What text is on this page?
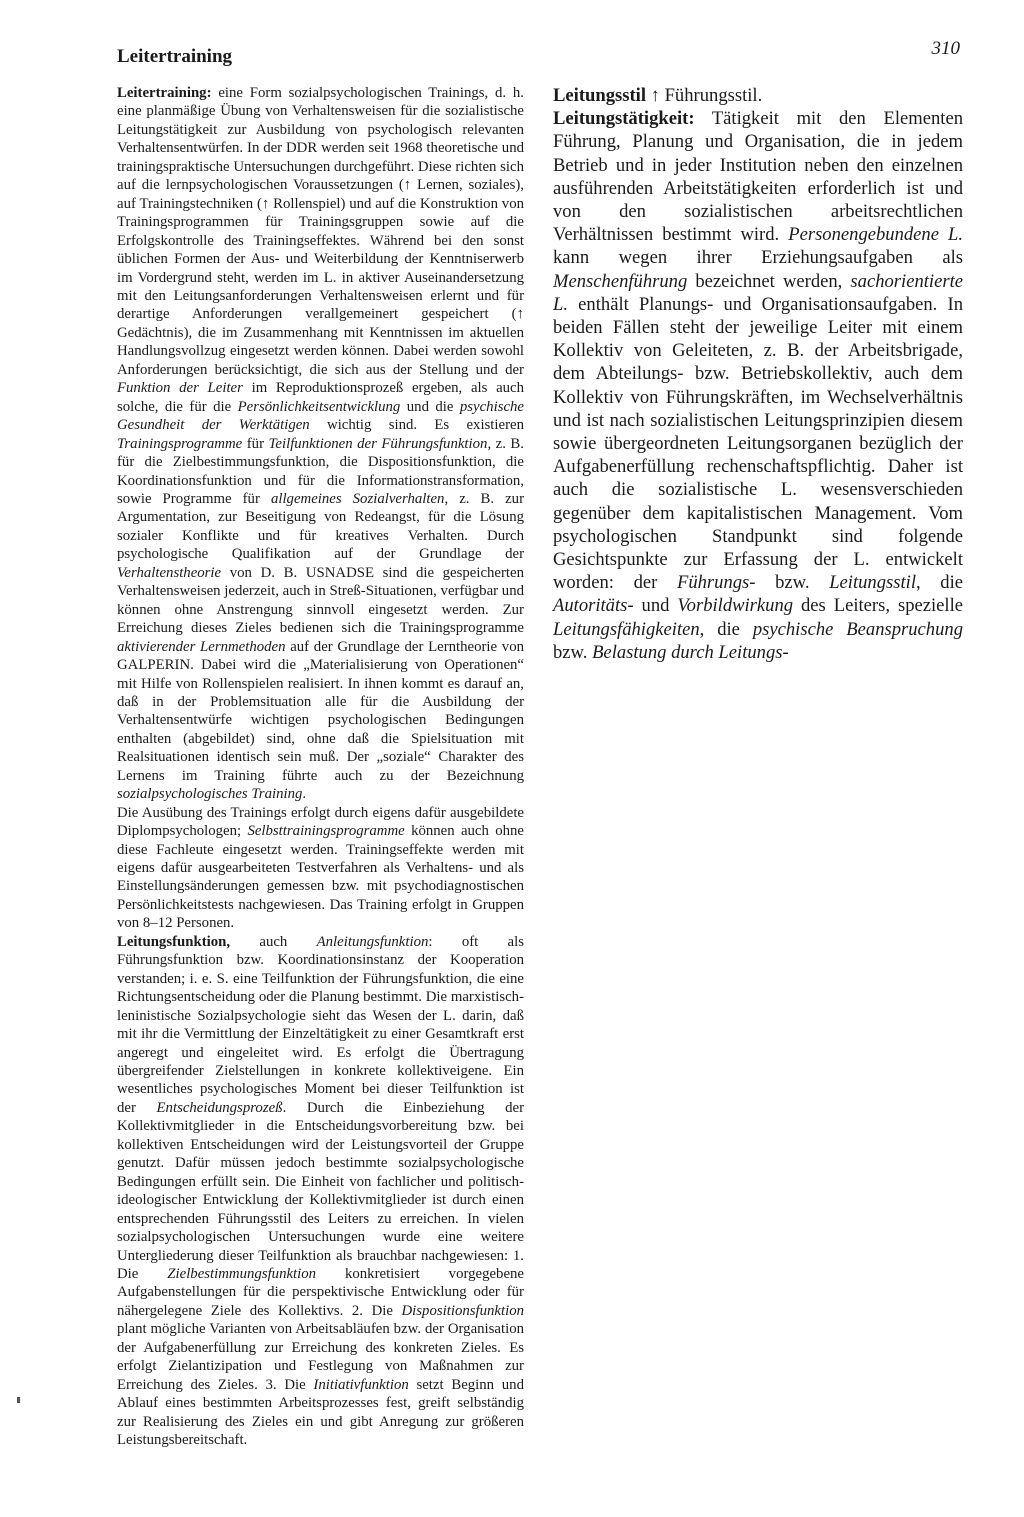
Leitertraining	310

Leitertraining: eine Form sozialpsychologischen Trainings, d. h. eine planmäßige Übung von Verhaltensweisen für die sozialistische Leitungstätigkeit zur Ausbildung von psychologisch relevanten Verhaltensentwürfen. In der DDR werden seit 1968 theoretische und trainingspraktische Untersuchungen durchgeführt. Diese richten sich auf die lernpsychologischen Voraussetzungen (↑ Lernen, soziales), auf Trainingstechniken (↑ Rollenspiel) und auf die Konstruktion von Trainingsprogrammen für Trainingsgruppen sowie auf die Erfolgskontrolle des Trainingseffektes. Während bei den sonst üblichen Formen der Aus- und Weiterbildung der Kenntniserwerb im Vordergrund steht, werden im L. in aktiver Auseinandersetzung mit den Leitungsanforderungen Verhaltensweisen erlernt und für derartige Anforderungen verallgemeinert gespeichert (↑ Gedächtnis), die im Zusammenhang mit Kenntnissen im aktuellen Handlungsvollzug eingesetzt werden können. Dabei werden sowohl Anforderungen berücksichtigt, die sich aus der Stellung und der Funktion der Leiter im Reproduktionsprozeß ergeben, als auch solche, die für die Persönlichkeitsentwicklung und die psychische Gesundheit der Werktätigen wichtig sind. Es existieren Trainingsprogramme für Teilfunktionen der Führungsfunktion, z. B. für die Zielbestimmungsfunktion, die Dispositionsfunktion, die Koordinationsfunktion und für die Informationstransformation, sowie Programme für allgemeines Sozialverhalten, z. B. zur Argumentation, zur Beseitigung von Redeangst, für die Lösung sozialer Konflikte und für kreatives Verhalten. Durch psychologische Qualifikation auf der Grundlage der Verhaltenstheorie von D. B. USNADSE sind die gespeicherten Verhaltensweisen jederzeit, auch in Streß-Situationen, verfügbar und können ohne Anstrengung sinnvoll eingesetzt werden. Zur Erreichung dieses Zieles bedienen sich die Trainingsprogramme aktivierender Lernmethoden auf der Grundlage der Lerntheorie von GALPERIN. Dabei wird die „Materialisierung von Operationen“ mit Hilfe von Rollenspielen realisiert. In ihnen kommt es darauf an, daß in der Problemsituation alle für die Ausbildung der Verhaltensentwürfe wichtigen psychologischen Bedingungen enthalten (abgebildet) sind, ohne daß die Spielsituation mit Realsituationen identisch sein muß. Der „soziale“ Charakter des Lernens im Training führte auch zu der Bezeichnung sozialpsychologisches Training.

Die Ausübung des Trainings erfolgt durch eigens dafür ausgebildete Diplompsychologen; Selbsttrainingsprogramme können auch ohne diese Fachleute eingesetzt werden. Trainingseffekte werden mit eigens dafür ausgearbeiteten Testverfahren als Verhaltens- und als Einstellungsänderungen gemessen bzw. mit psychodiagnostischen Persönlichkeitstests nachgewiesen. Das Training erfolgt in Gruppen von 8–12 Personen.

Leitungsfunktion, auch Anleitungsfunktion: oft als Führungsfunktion bzw. Koordinationsinstanz der Kooperation verstanden; i. e. S. eine Teilfunktion der Führungsfunktion, die eine Richtungsentscheidung oder die Planung bestimmt. Die marxistisch-leninistische Sozialpsychologie sieht das Wesen der L. darin, daß mit ihr die Vermittlung der Einzeltätigkeit zu einer Gesamtkraft erst angeregt und eingeleitet wird. Es erfolgt die Übertragung übergreifender Zielstellungen in konkrete kollektiveigene. Ein wesentliches psychologisches Moment bei dieser Teilfunktion ist der Entscheidungsprozeß. Durch die Einbeziehung der Kollektivmitglieder in die Entscheidungsvorbereitung bzw. bei kollektiven Entscheidungen wird der Leistungsvorteil der Gruppe genutzt. Dafür müssen jedoch bestimmte sozialpsychologische Bedingungen erfüllt sein. Die Einheit von fachlicher und politisch-ideologischer Entwicklung der Kollektivmitglieder ist durch einen entsprechenden Führungsstil des Leiters zu erreichen. In vielen sozialpsychologischen Untersuchungen wurde eine weitere Untergliederung dieser Teilfunktion als brauchbar nachgewiesen: 1. Die Zielbestimmungsfunktion konkretisiert vorgegebene Aufgabenstellungen für die perspektivische Entwicklung oder für nähergelegene Ziele des Kollektivs. 2. Die Dispositionsfunktion plant mögliche Varianten von Arbeitsabläufen bzw. der Organisation der Aufgabenerfüllung zur Erreichung des konkreten Zieles. Es erfolgt Zielantizipation und Festlegung von Maßnahmen zur Erreichung des Zieles. 3. Die Initiativfunktion setzt Beginn und Ablauf eines bestimmten Arbeitsprozesses fest, greift selbständig zur Realisierung des Zieles ein und gibt Anregung zur größeren Leistungsbereitschaft.

Leitungsstil ↑ Führungsstil.

Leitungstätigkeit: Tätigkeit mit den Elementen Führung, Planung und Organisation, die in jedem Betrieb und in jeder Institution neben den einzelnen ausführenden Arbeitstätigkeiten erforderlich ist und von den sozialistischen arbeitsrechtlichen Verhältnissen bestimmt wird. Personengebundene L. kann wegen ihrer Erziehungsaufgaben als Menschenführung bezeichnet werden, sachorientierte L. enthält Planungs- und Organisationsaufgaben. In beiden Fällen steht der jeweilige Leiter mit einem Kollektiv von Geleiteten, z. B. der Arbeitsbrigade, dem Abteilungs- bzw. Betriebskollektiv, auch dem Kollektiv von Führungskräften, im Wechselverhältnis und ist nach sozialistischen Leitungsprinzipien diesem sowie übergeordneten Leitungsorganen bezüglich der Aufgabenerfüllung rechenschaftspflichtig. Daher ist auch die sozialistische L. wesensverschieden gegenüber dem kapitalistischen Management. Vom psychologischen Standpunkt sind folgende Gesichtspunkte zur Erfassung der L. entwickelt worden: der Führungs- bzw. Leitungsstil, die Autoritäts- und Vorbildwirkung des Leiters, spezielle Leitungsfähigkeiten, die psychische Beanspruchung bzw. Belastung durch Leitungs-
